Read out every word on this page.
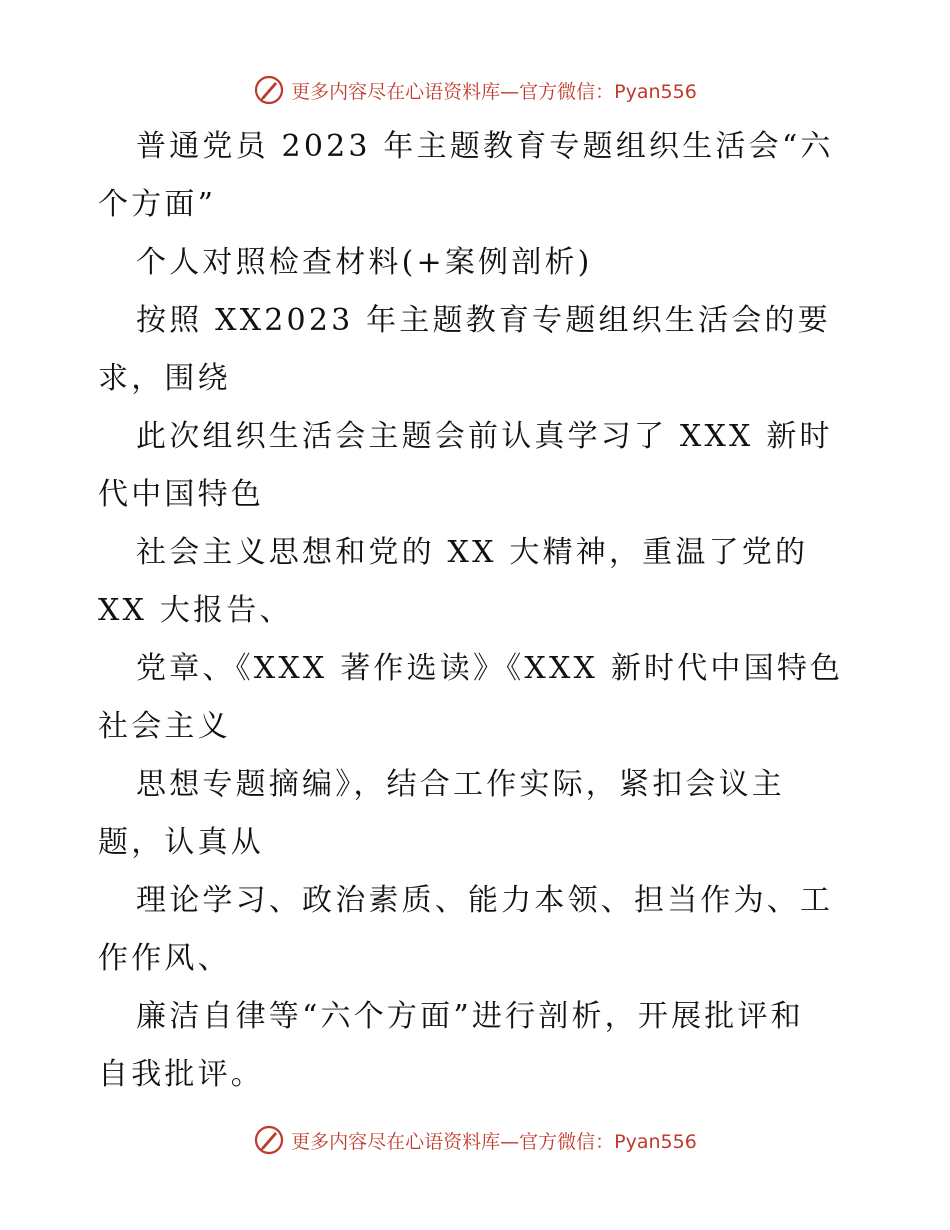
更多内容尽在心语资料库—官方微信：Pyan556
普通党员 2023 年主题教育专题组织生活会“六
个方面”
个人对照检查材料(+案例剖析)
按照 XX2023 年主题教育专题组织生活会的要
求，围绕
此次组织生活会主题会前认真学习了 XXX 新时
代中国特色
社会主义思想和党的 XX 大精神，重温了党的
XX 大报告、
党章、《XXX 著作选读》《XXX 新时代中国特色
社会主义
思想专题摘编》，结合工作实际，紧扣会议主
题，认真从
理论学习、政治素质、能力本领、担当作为、工
作作风、
廉洁自律等“六个方面”进行剖析，开展批评和
自我批评。
更多内容尽在心语资料库—官方微信：Pyan556
